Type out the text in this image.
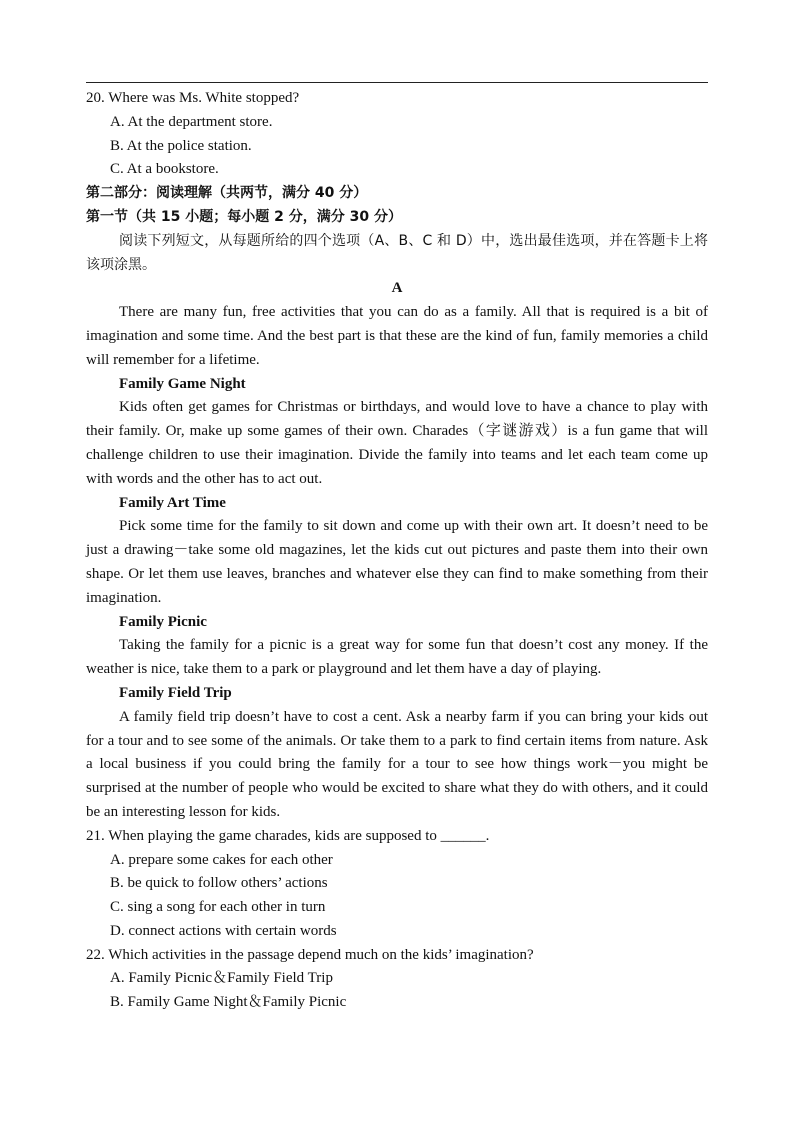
20. Where was Ms. White stopped?
A. At the department store.
B. At the police station.
C. At a bookstore.
第二部分：阅读理解（共两节，满分 40 分）
第一节（共 15 小题；每小题 2 分，满分 30 分）
阅读下列短文，从每题所给的四个选项（A、B、C 和 D）中，选出最佳选项，并在答题卡上将该项涂黑。
A
There are many fun, free activities that you can do as a family. All that is required is a bit of imagination and some time. And the best part is that these are the kind of fun, family memories a child will remember for a lifetime.
Family Game Night
Kids often get games for Christmas or birthdays, and would love to have a chance to play with their family. Or, make up some games of their own. Charades（字谜游戏）is a fun game that will challenge children to use their imagination. Divide the family into teams and let each team come up with words and the other has to act out.
Family Art Time
Pick some time for the family to sit down and come up with their own art. It doesn’t need to be just a drawing－take some old magazines, let the kids cut out pictures and paste them into their own shape. Or let them use leaves, branches and whatever else they can find to make something from their imagination.
Family Picnic
Taking the family for a picnic is a great way for some fun that doesn’t cost any money. If the weather is nice, take them to a park or playground and let them have a day of playing.
Family Field Trip
A family field trip doesn’t have to cost a cent. Ask a nearby farm if you can bring your kids out for a tour and to see some of the animals. Or take them to a park to find certain items from nature. Ask a local business if you could bring the family for a tour to see how things work－you might be surprised at the number of people who would be excited to share what they do with others, and it could be an interesting lesson for kids.
21. When playing the game charades, kids are supposed to ______.
A. prepare some cakes for each other
B. be quick to follow others’ actions
C. sing a song for each other in turn
D. connect actions with certain words
22. Which activities in the passage depend much on the kids’ imagination?
A. Family Picnic＆Family Field Trip
B. Family Game Night＆Family Picnic
